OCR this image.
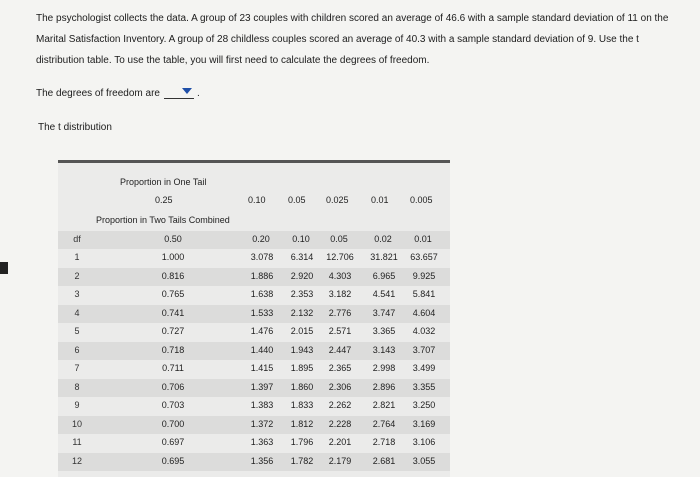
The psychologist collects the data. A group of 23 couples with children scored an average of 46.6 with a sample standard deviation of 11 on the Marital Satisfaction Inventory. A group of 28 childless couples scored an average of 40.3 with a sample standard deviation of 9. Use the t distribution table. To use the table, you will first need to calculate the degrees of freedom.
The degrees of freedom are	.
The t distribution
Proportion in One Tail
0.25	0.10 0.05 0.025 0.01 0.005
Proportion in Two Tails Combined
df	0.50	0.20	0.10	0.05	0.02	0.01
1	1.000	3.078	6.314	12.706 31.821 63.657
2	0.816	1.886	2.920	4.303	6.965	9.925
3	0.765	1.638	2.353	3.182	4.541	5.841
4	0.741	1.533	2.132	2.776	3.747	4.604
5	0.727	1.476	2.015	2.571	3.365	4.032
6	0.718	1.440	1.943	2.447	3.143	3.707
7	0.711	1.415	1.895	2.365	2.998	3.499
8	0.706	1.397	1.860	2.306	2.896	3.355
9	0.703	1.383	1.833	2.262	2.821	3.250
10	0.700	1.372	1.812	2.228	2.764	3.169
11	0.697	1.363	1.796	2.201	2.718	3.106
12	0.695	1.356	1.782	2.179	2.681	3.055
